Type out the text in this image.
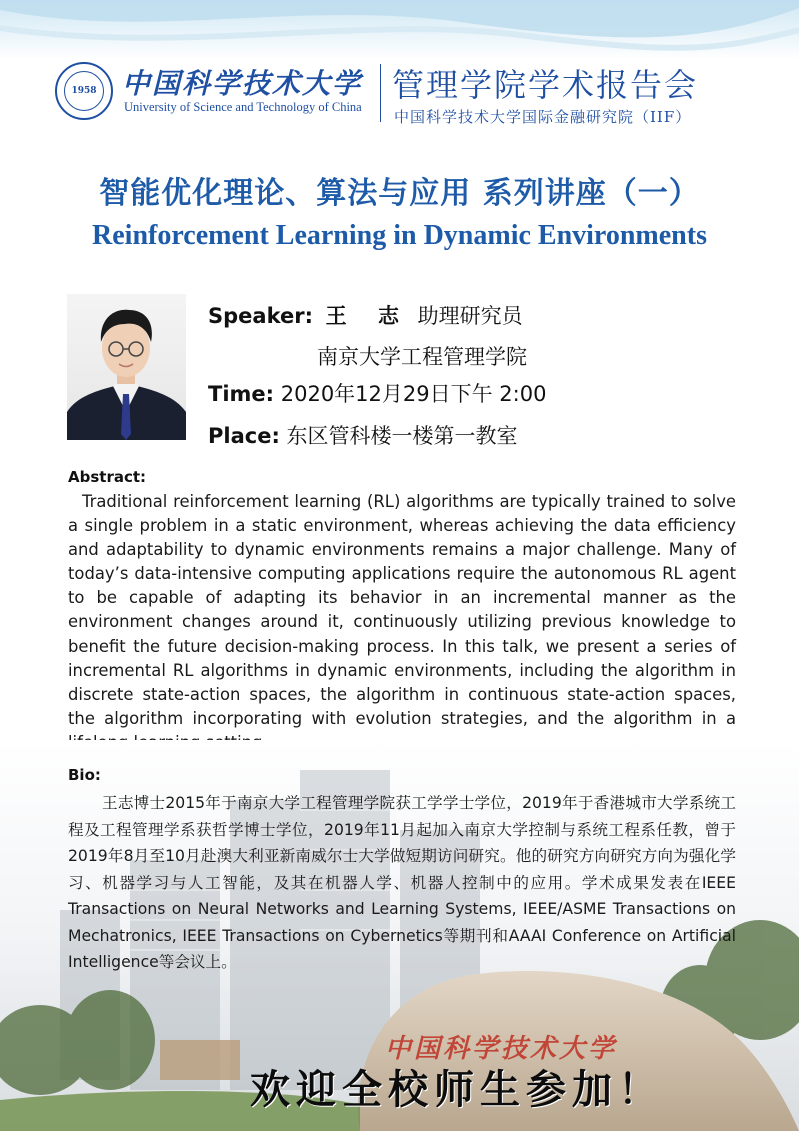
1958 中国科学技术大学
University of Science and Technology of China
管理学院学术报告会
中国科学技术大学国际金融研究院（IIF）
智能优化理论、算法与应用 系列讲座（一）
Reinforcement Learning in Dynamic Environments
Speaker: 王 志 助理研究员
南京大学工程管理学院
Time: 2020年12月29日下午 2:00
Place: 东区管科楼一楼第一教室
Abstract:
Traditional reinforcement learning (RL) algorithms are typically trained to solve a single problem in a static environment, whereas achieving the data efficiency and adaptability to dynamic environments remains a major challenge. Many of today’s data-intensive computing applications require the autonomous RL agent to be capable of adapting its behavior in an incremental manner as the environment changes around it, continuously utilizing previous knowledge to benefit the future decision-making process. In this talk, we present a series of incremental RL algorithms in dynamic environments, including the algorithm in discrete state-action spaces, the algorithm in continuous state-action spaces, the algorithm incorporating with evolution strategies, and the algorithm in a
Bio:
王志博士2015年于南京大学工程管理学院获工学学士学位，2019年于香港城市大学系统工程及工程管理学系获哲学博士学位，2019年11月起加入南京大学控制与系统工程系任教，曾于2019年8月至10月赴澳大利亚新南威尔士大学做短期访问研究。他的研究方向研究方向为强化学习、机器学习与人工智能，及其在机器人学、机器人控制中的应用。学术成果发表在IEEE Transactions on Neural Networks and Learning Systems, IEEE/ASME Transactions on Mechatronics, IEEE Transactions on Cybernetics等期刊和AAAI Conference on Artificial Intelligence等会议上。
中国科学技术大学
欢迎全校师生参加！
